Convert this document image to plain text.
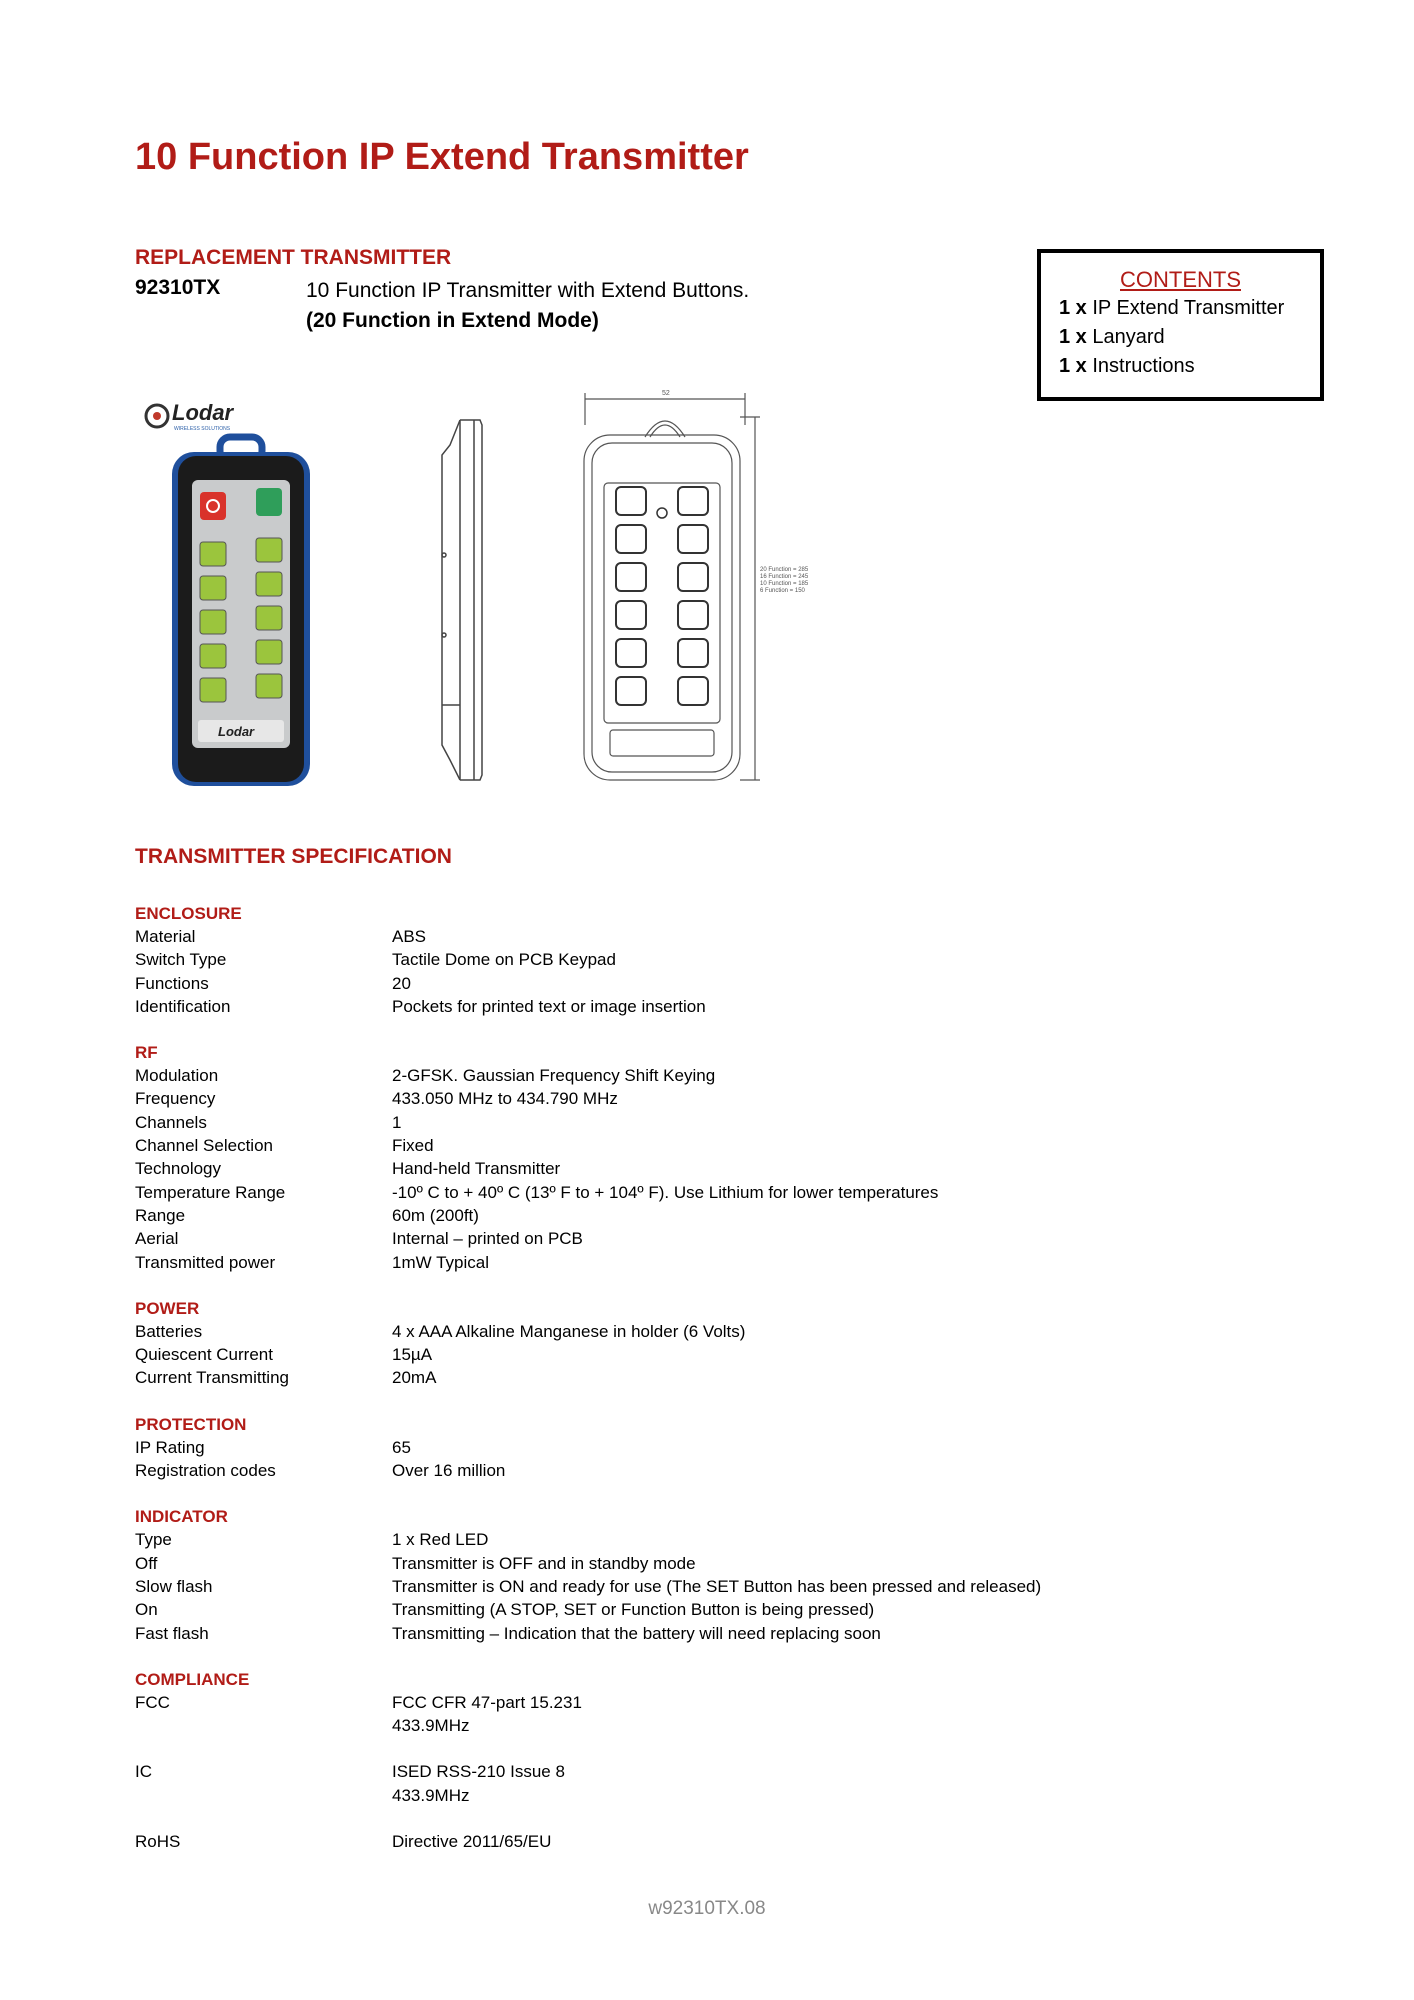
10 Function IP Extend Transmitter
REPLACEMENT TRANSMITTER
92310TX	10 Function IP Transmitter with Extend Buttons.
(20 Function in Extend Mode)
CONTENTS
1 x IP Extend Transmitter
1 x Lanyard
1 x Instructions
Lodar
WIRELESS SOLUTIONS
Lodar
52
20 Function = 285
16 Function = 245
10 Function = 185
6 Function = 150
TRANSMITTER SPECIFICATION
ENCLOSURE
Material	ABS
Switch Type	Tactile Dome on PCB Keypad
Functions	20
Identification	Pockets for printed text or image insertion
RF
Modulation	2-GFSK. Gaussian Frequency Shift Keying
Frequency	433.050 MHz to 434.790 MHz
Channels	1
Channel Selection	Fixed
Technology	Hand-held Transmitter
Temperature Range	-10º C to + 40º C (13º F to + 104º F). Use Lithium for lower temperatures
Range	60m (200ft)
Aerial	Internal – printed on PCB
Transmitted power	1mW Typical
POWER
Batteries	4 x AAA Alkaline Manganese in holder (6 Volts)
Quiescent Current	15µA
Current Transmitting	20mA
PROTECTION
IP Rating	65
Registration codes	Over 16 million
INDICATOR
Type	1 x Red LED
Off	Transmitter is OFF and in standby mode
Slow flash	Transmitter is ON and ready for use (The SET Button has been pressed and released)
On	Transmitting (A STOP, SET or Function Button is being pressed)
Fast flash	Transmitting – Indication that the battery will need replacing soon
COMPLIANCE
FCC	FCC CFR 47-part 15.231
433.9MHz
IC	ISED RSS-210 Issue 8
433.9MHz
RoHS	Directive 2011/65/EU
w92310TX.08
